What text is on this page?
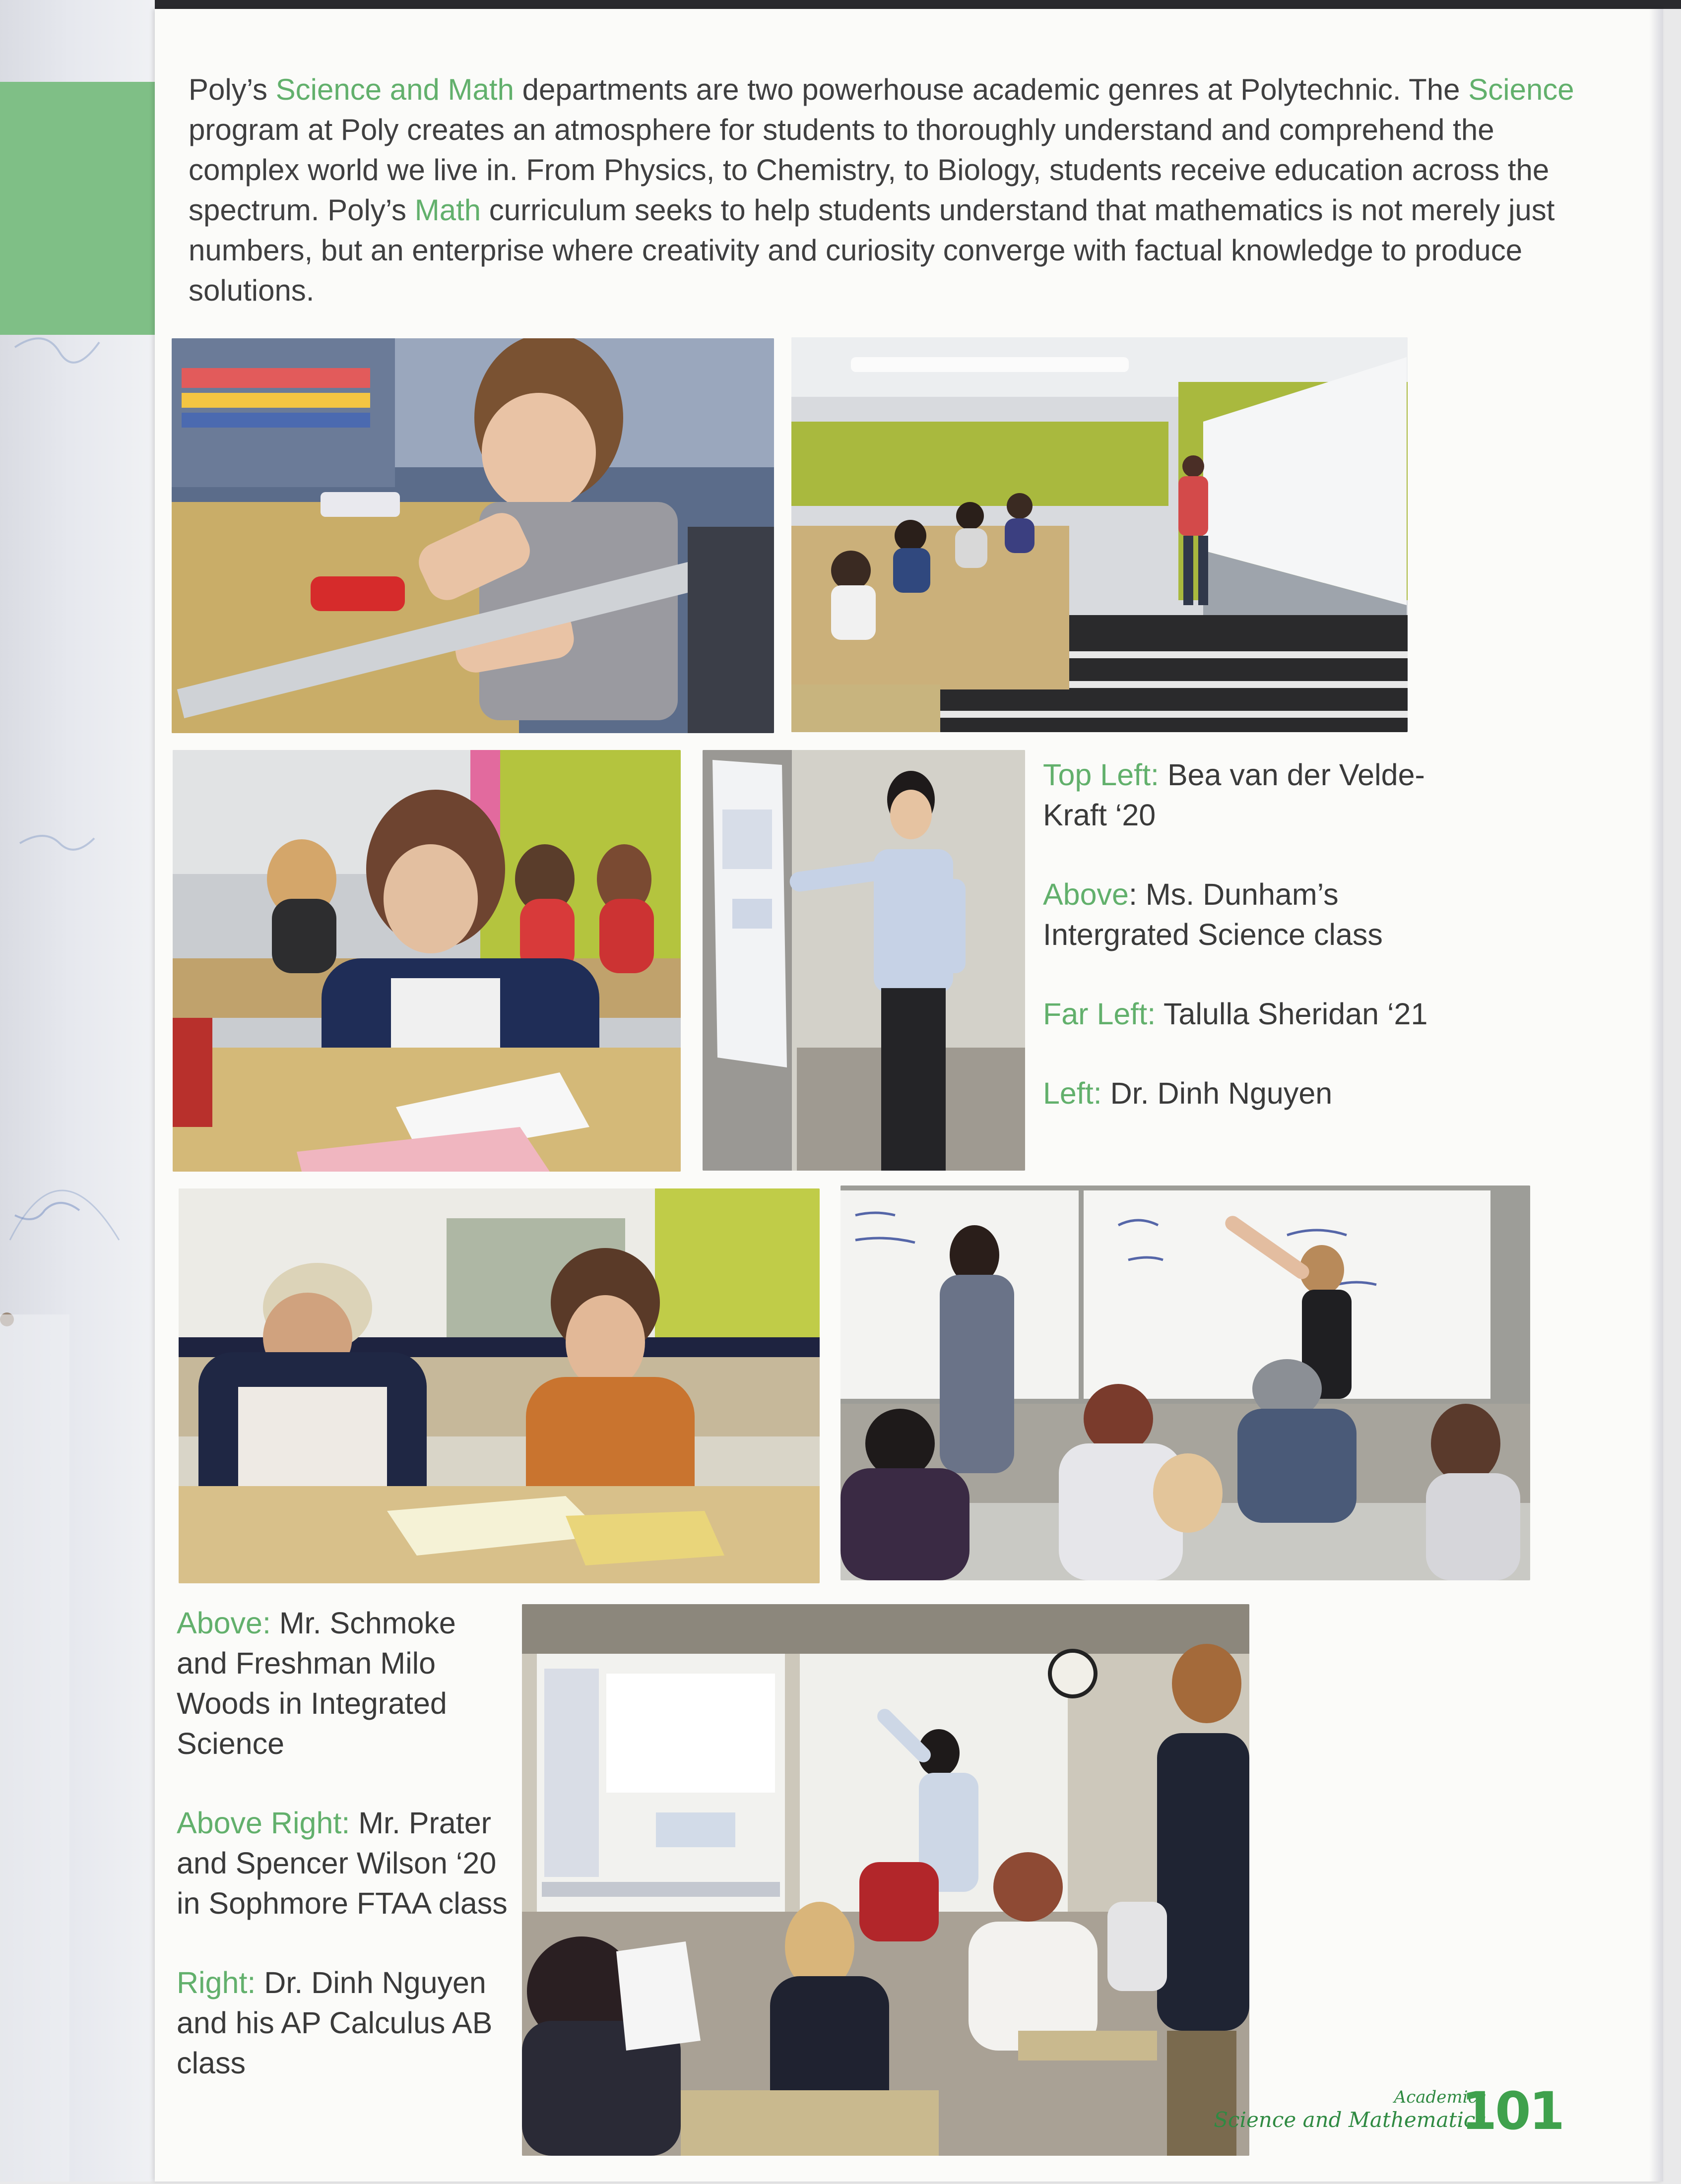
Poly’s Science and Math departments are two powerhouse academic genres at Polytechnic. The Science program at Poly creates an atmosphere for students to thoroughly understand and comprehend the complex world we live in. From Physics, to Chemistry, to Biology, students receive education across the spectrum. Poly’s Math curriculum seeks to help students understand that mathematics is not merely just numbers, but an enterprise where creativity and curiosity converge with factual knowledge to produce solutions.

Top Left: Bea van der Velde-Kraft ‘20
Above: Ms. Dunham’s Intergrated Science class
Far Left: Talulla Sheridan ‘21
Left: Dr. Dinh Nguyen
Above: Mr. Schmoke and Freshman Milo Woods in Integrated Science
Above Right: Mr. Prater and Spencer Wilson ‘20 in Sophmore FTAA class
Right: Dr. Dinh Nguyen and his AP Calculus AB class
Academics
Science and Mathematics
101
